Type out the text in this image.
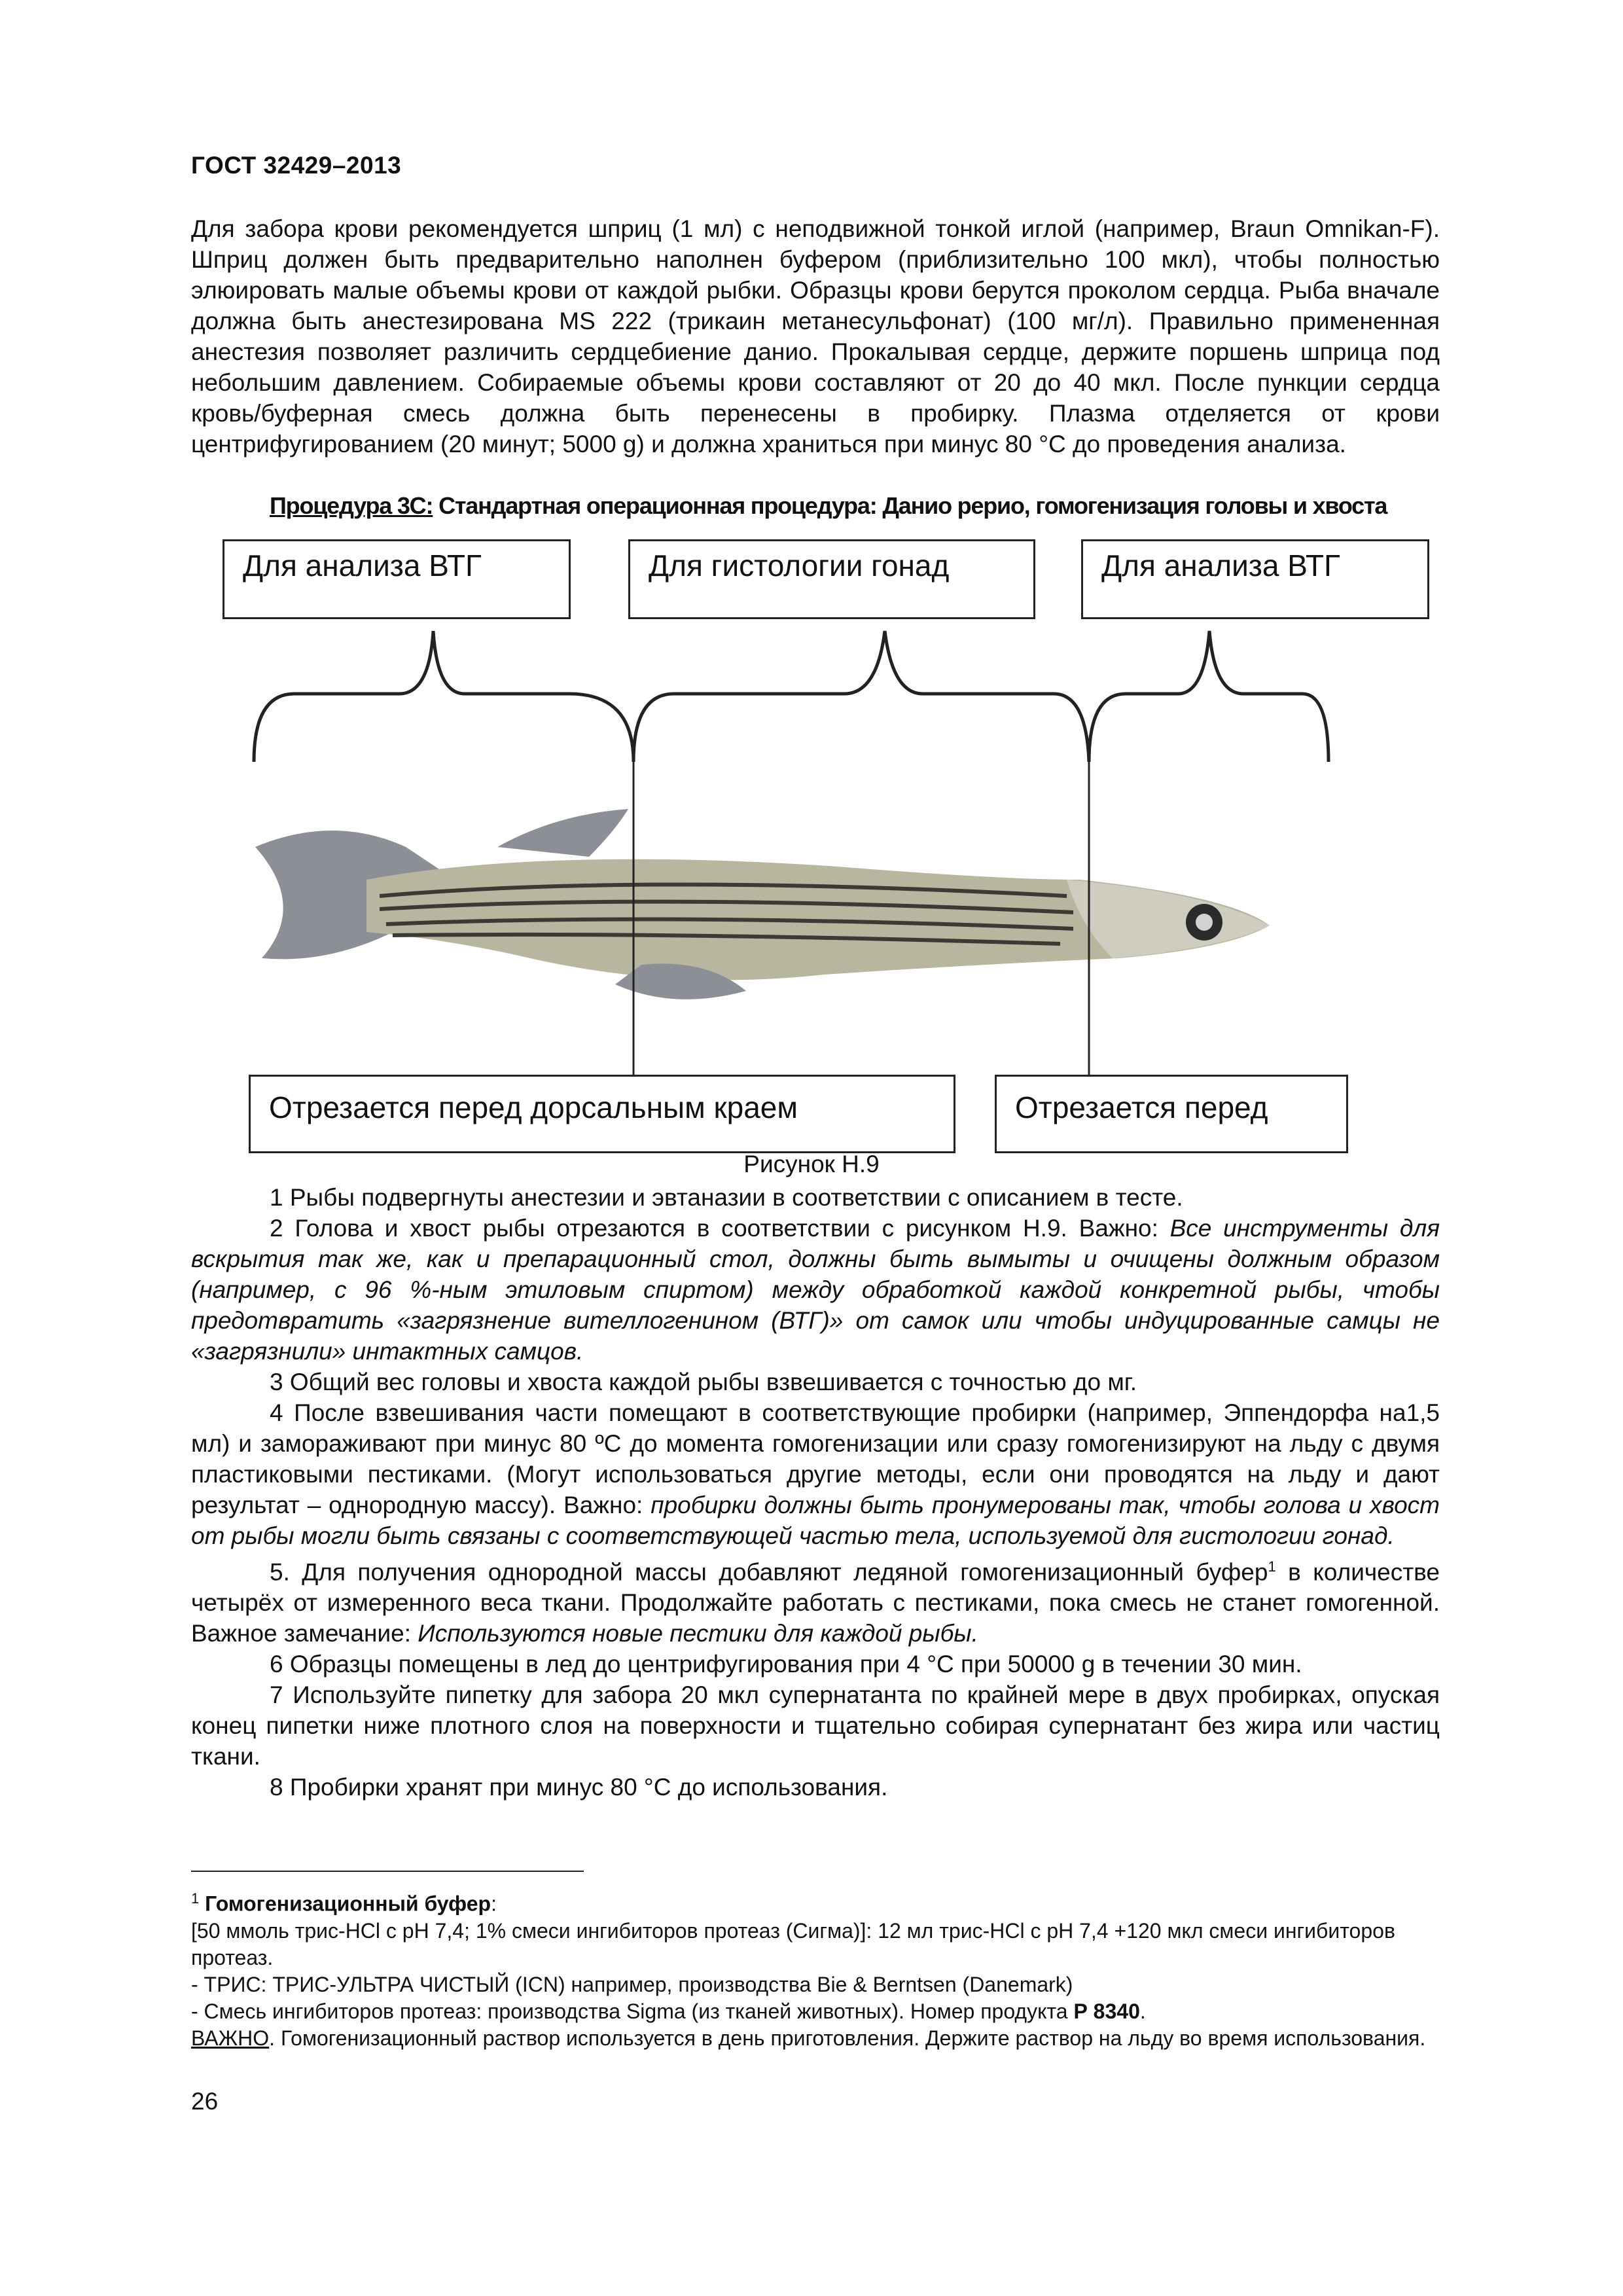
ГОСТ 32429–2013

Для забора крови рекомендуется шприц (1 мл) с неподвижной тонкой иглой (например, Braun Omnikan-F). Шприц должен быть предварительно наполнен буфером (приблизительно 100 мкл), чтобы полностью элюировать малые объемы крови от каждой рыбки. Образцы крови берутся проколом сердца. Рыба вначале должна быть анестезирована MS 222 (трикаин метанесульфонат) (100 мг/л). Правильно примененная анестезия позволяет различить сердцебиение данио. Прокалывая сердце, держите поршень шприца под небольшим давлением. Собираемые объемы крови составляют от 20 до 40 мкл. После пункции сердца кровь/буферная смесь должна быть перенесены в пробирку. Плазма отделяется от крови центрифугированием (20 минут; 5000 g) и должна храниться при минус 80 °С до проведения анализа.

Процедура 3С: Стандартная операционная процедура: Данио рерио, гомогенизация головы и хвоста
Для анализа ВТГ	Для гистологии гонад	Для анализа ВТГ
Отрезается перед дорсальным краем	Отрезается перед
Рисунок Н.9

1 Рыбы подвергнуты анестезии и эвтаназии в соответствии с описанием в тесте.

2 Голова и хвост рыбы отрезаются в соответствии с рисунком Н.9. Важно: Все инструменты для вскрытия так же, как и препарационный стол, должны быть вымыты и очищены должным образом (например, с 96 %-ным этиловым спиртом) между обработкой каждой конкретной рыбы, чтобы предотвратить «загрязнение вителлогенином (ВТГ)» от самок или чтобы индуцированные самцы не «загрязнили» интактных самцов.

3 Общий вес головы и хвоста каждой рыбы взвешивается с точностью до мг.

4 После взвешивания части помещают в соответствующие пробирки (например, Эппендорфа на1,5 мл) и замораживают при минус 80 ºС до момента гомогенизации или сразу гомогенизируют на льду с двумя пластиковыми пестиками. (Могут использоваться другие методы, если они проводятся на льду и дают результат – однородную массу). Важно: пробирки должны быть пронумерованы так, чтобы голова и хвост от рыбы могли быть связаны с соответствующей частью тела, используемой для гистологии гонад.

5. Для получения однородной массы добавляют ледяной гомогенизационный буфер$^1$ в количестве четырёх от измеренного веса ткани. Продолжайте работать с пестиками, пока смесь не станет гомогенной. Важное замечание: Используются новые пестики для каждой рыбы.

6 Образцы помещены в лед до центрифугирования при 4 °С при 50000 g в течении 30 мин.

7 Используйте пипетку для забора 20 мкл супернатанта по крайней мере в двух пробирках, опуская конец пипетки ниже плотного слоя на поверхности и тщательно собирая супернатант без жира или частиц ткани.

8 Пробирки хранят при минус 80 °С до использования.

$^1$ Гомогенизационный буфер:

[50 ммоль трис-HCl с рН 7,4; 1% смеси ингибиторов протеаз (Сигма)]: 12 мл трис-HCl с рН 7,4 +120 мкл смеси ингибиторов протеаз.

- ТРИС: ТРИС-УЛЬТРА ЧИСТЫЙ (ICN) например, производства Bie & Berntsen (Danemark)

- Смесь ингибиторов протеаз: производства Sigma (из тканей животных). Номер продукта Р 8340.

ВАЖНО. Гомогенизационный раствор используется в день приготовления. Держите раствор на льду во время использования.

26
